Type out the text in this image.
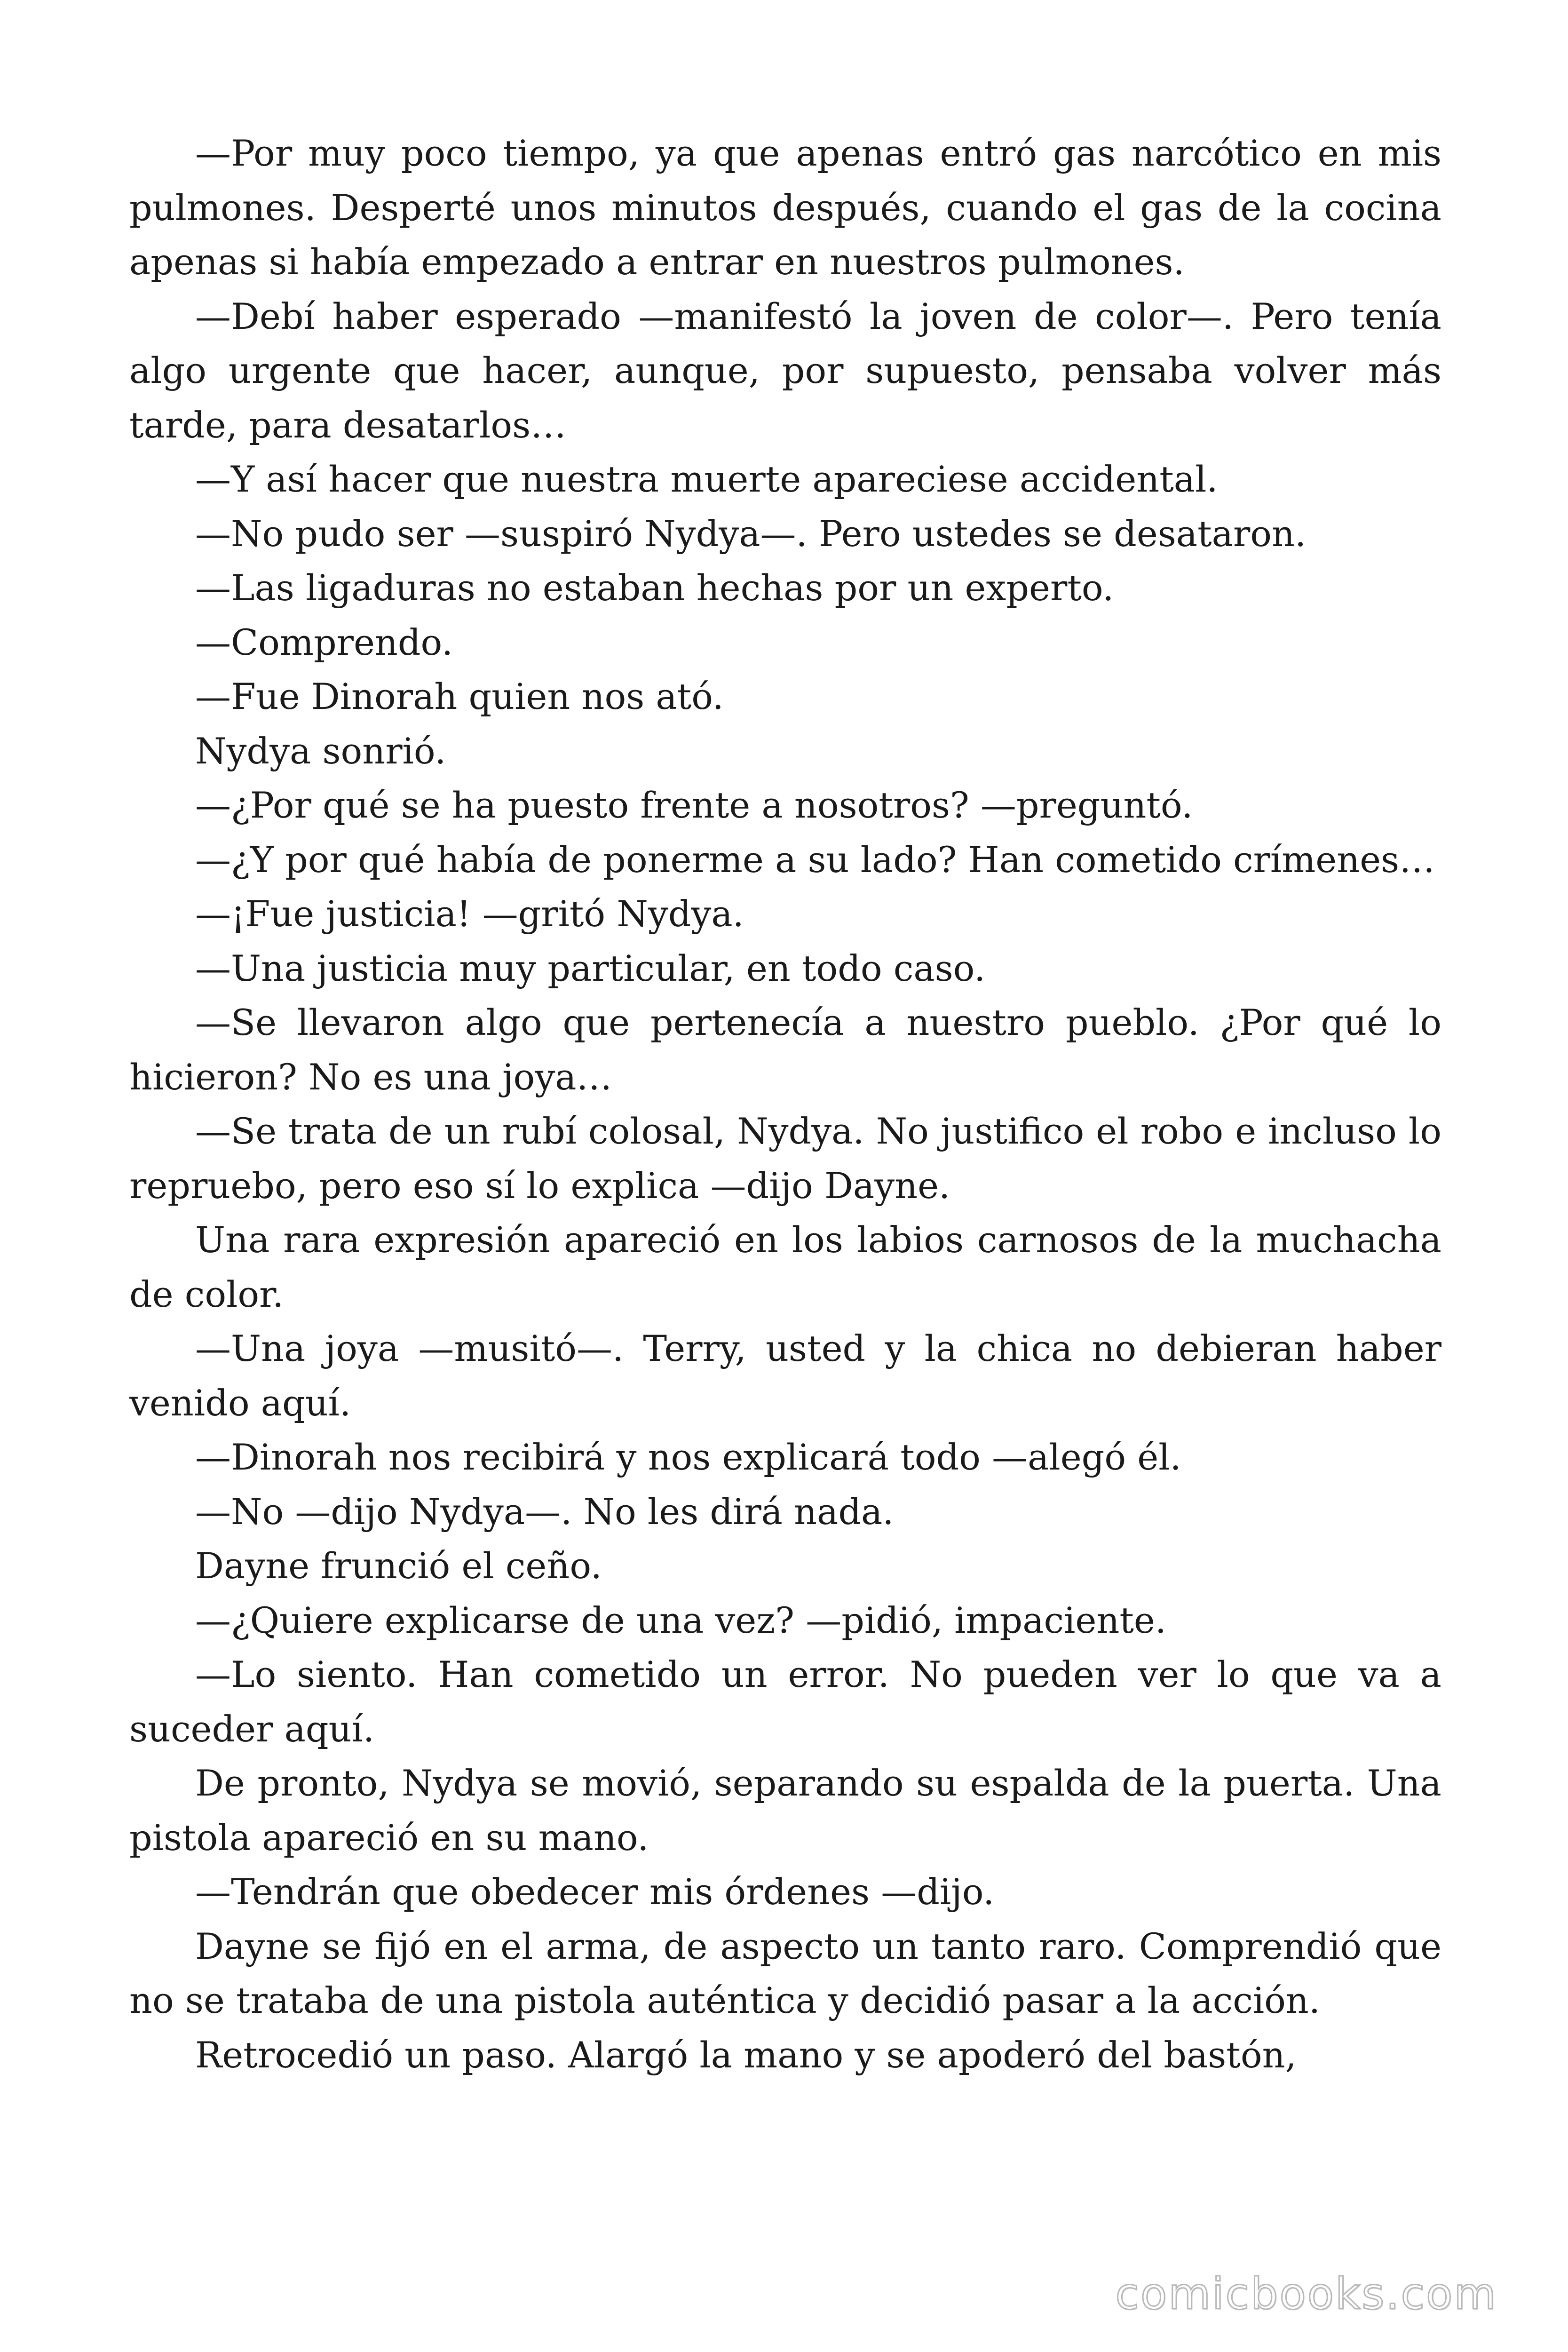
—Por muy poco tiempo, ya que apenas entró gas narcótico en mis pulmones. Desperté unos minutos después, cuando el gas de la cocina apenas si había empezado a entrar en nuestros pulmones.

—Debí haber esperado —manifestó la joven de color—. Pero tenía algo urgente que hacer, aunque, por supuesto, pensaba volver más tarde, para desatarlos…

—Y así hacer que nuestra muerte apareciese accidental.

—No pudo ser —suspiró Nydya—. Pero ustedes se desataron.

—Las ligaduras no estaban hechas por un experto.

—Comprendo.

—Fue Dinorah quien nos ató.

Nydya sonrió.

—¿Por qué se ha puesto frente a nosotros? —preguntó.

—¿Y por qué había de ponerme a su lado? Han cometido crímenes…

—¡Fue justicia! —gritó Nydya.

—Una justicia muy particular, en todo caso.

—Se llevaron algo que pertenecía a nuestro pueblo. ¿Por qué lo hicieron? No es una joya…

—Se trata de un rubí colosal, Nydya. No justifico el robo e incluso lo repruebo, pero eso sí lo explica —dijo Dayne.

Una rara expresión apareció en los labios carnosos de la muchacha de color.

—Una joya —musitó—. Terry, usted y la chica no debieran haber venido aquí.

—Dinorah nos recibirá y nos explicará todo —alegó él.

—No —dijo Nydya—. No les dirá nada.

Dayne frunció el ceño.

—¿Quiere explicarse de una vez? —pidió, impaciente.

—Lo siento. Han cometido un error. No pueden ver lo que va a suceder aquí.

De pronto, Nydya se movió, separando su espalda de la puerta. Una pistola apareció en su mano.

—Tendrán que obedecer mis órdenes —dijo.

Dayne se fijó en el arma, de aspecto un tanto raro. Comprendió que no se trataba de una pistola auténtica y decidió pasar a la acción.

Retrocedió un paso. Alargó la mano y se apoderó del bastón,

comicbooks.com
